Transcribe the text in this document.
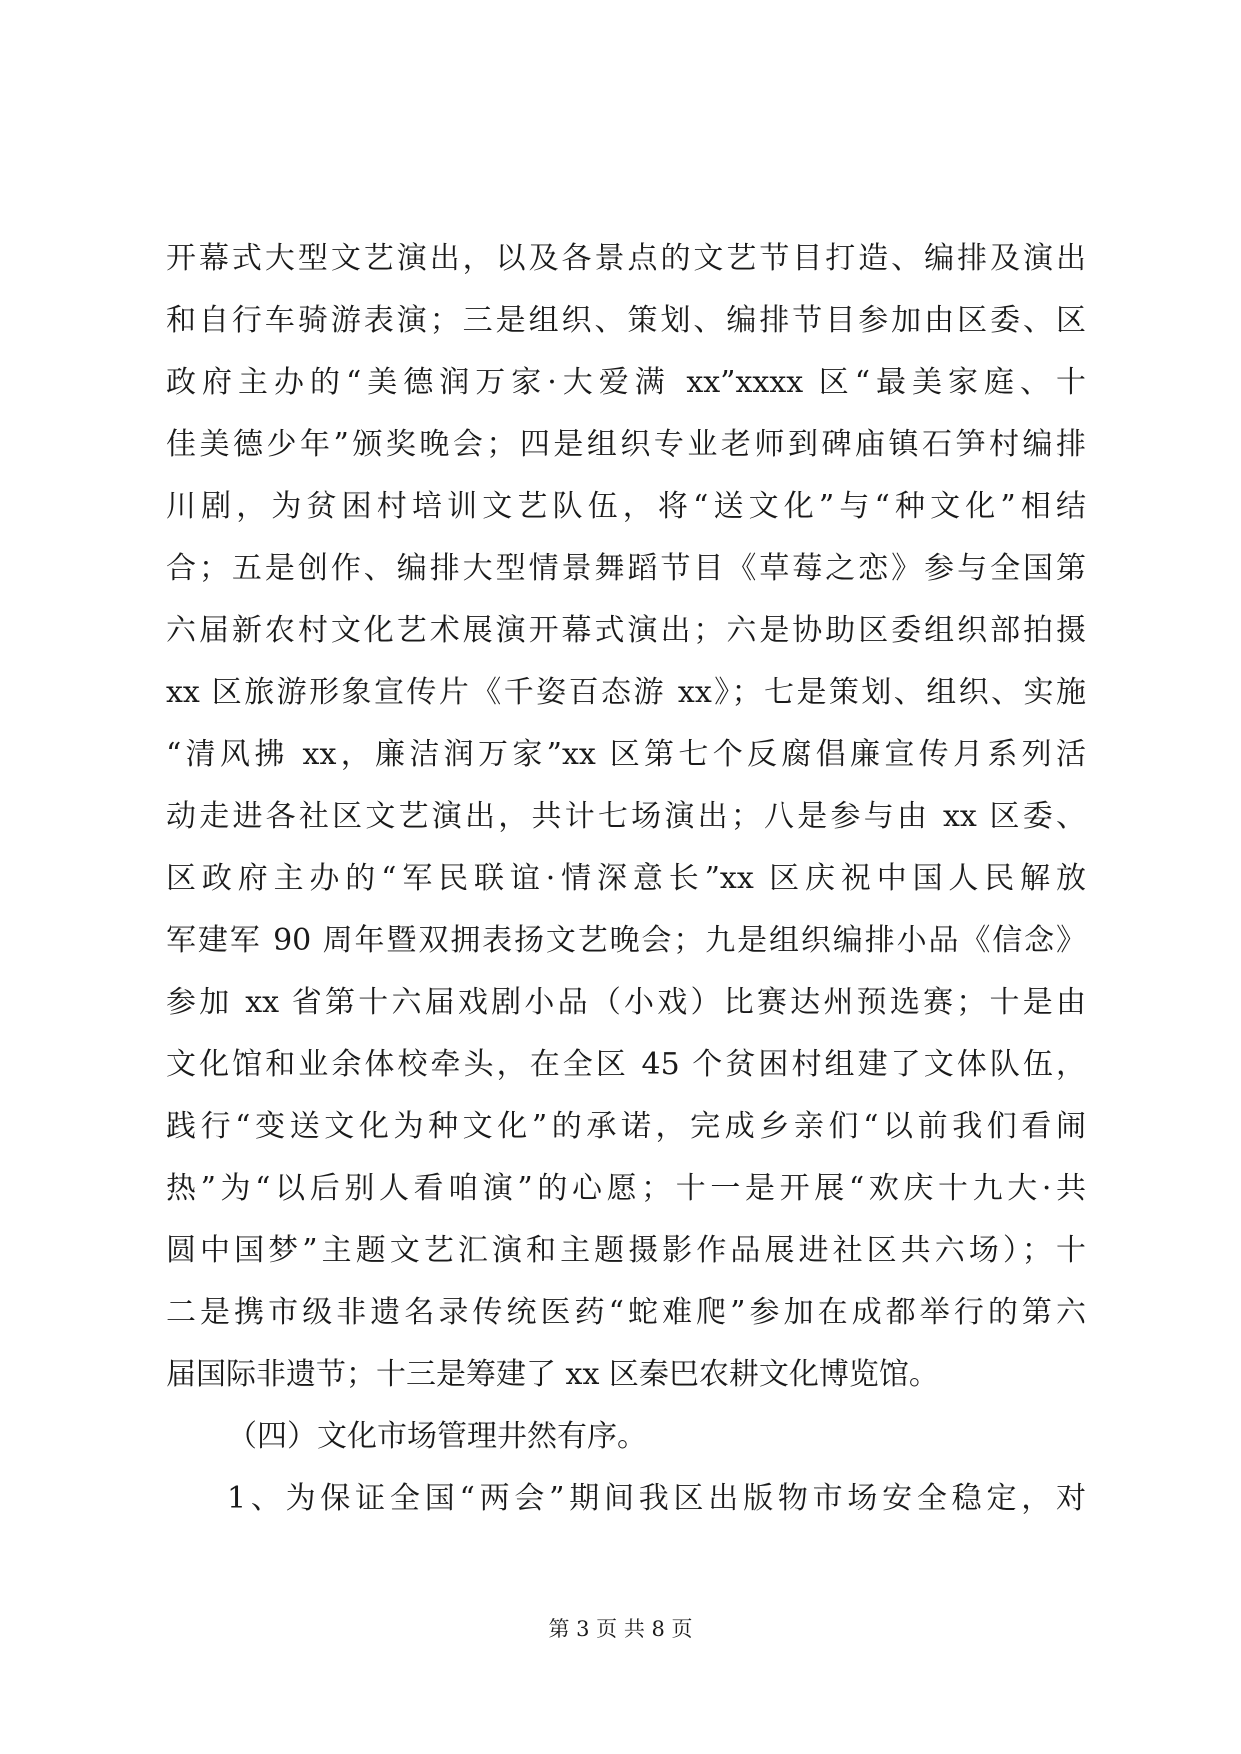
开幕式大型文艺演出，以及各景点的文艺节目打造、编排及演出
和自行车骑游表演；三是组织、策划、编排节目参加由区委、区
政府主办的“美德润万家·大爱满 xx”xxxx 区“最美家庭、十
佳美德少年”颁奖晚会；四是组织专业老师到碑庙镇石笋村编排
川剧，为贫困村培训文艺队伍，将“送文化”与“种文化”相结
合；五是创作、编排大型情景舞蹈节目《草莓之恋》参与全国第
六届新农村文化艺术展演开幕式演出；六是协助区委组织部拍摄
xx 区旅游形象宣传片《千姿百态游 xx》；七是策划、组织、实施
“清风拂 xx，廉洁润万家”xx 区第七个反腐倡廉宣传月系列活
动走进各社区文艺演出，共计七场演出；八是参与由 xx 区委、
区政府主办的“军民联谊·情深意长”xx 区庆祝中国人民解放
军建军 90 周年暨双拥表扬文艺晚会；九是组织编排小品《信念》
参加 xx 省第十六届戏剧小品（小戏）比赛达州预选赛；十是由
文化馆和业余体校牵头，在全区 45 个贫困村组建了文体队伍，
践行“变送文化为种文化”的承诺，完成乡亲们“以前我们看闹
热”为“以后别人看咱演”的心愿；十一是开展“欢庆十九大·共
圆中国梦”主题文艺汇演和主题摄影作品展进社区共六场）；十
二是携市级非遗名录传统医药“蛇难爬”参加在成都举行的第六
届国际非遗节；十三是筹建了 xx 区秦巴农耕文化博览馆。
（四）文化市场管理井然有序。
1、为保证全国“两会”期间我区出版物市场安全稳定，对
第 3 页 共 8 页
